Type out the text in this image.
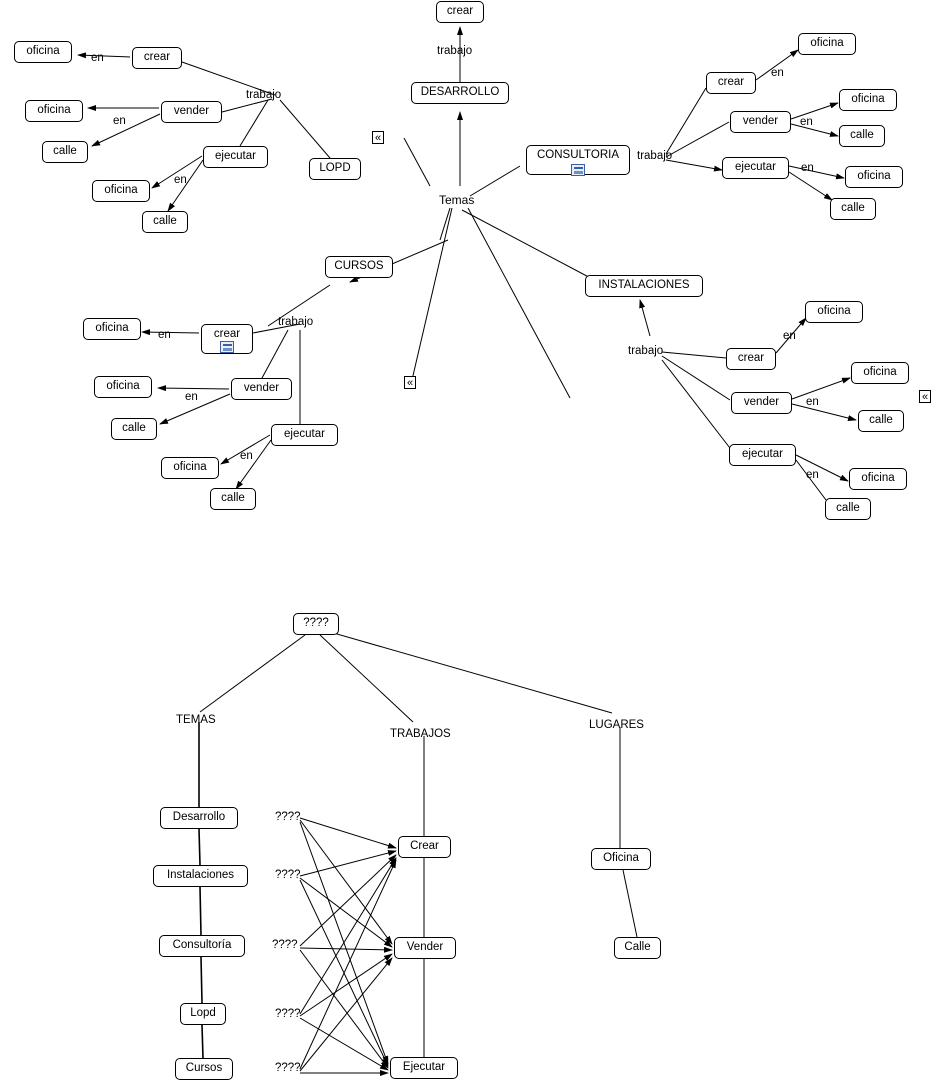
crear
DESARROLLO
Temas
CONSULTORIA
CURSOS
INSTALACIONES
LOPD
crear
vender
ejecutar
oficina
oficina
calle
oficina
calle
crear
vender
ejecutar
oficina
oficina
calle
oficina
calle
crear
vender
ejecutar
oficina
oficina
calle
oficina
calle
crear
vender
ejecutar
oficina
oficina
calle
oficina
calle
trabajo
trabajo
en
en
en
trabajo
en
en
en
trabajo
en
en
en
trabajo
en
en
en
«
«
«
????
Desarrollo
Instalaciones
Consultoría
Lopd
Cursos
Crear
Vender
Ejecutar
Oficina
Calle
TEMAS
TRABAJOS
LUGARES
????
????
????
????
????
